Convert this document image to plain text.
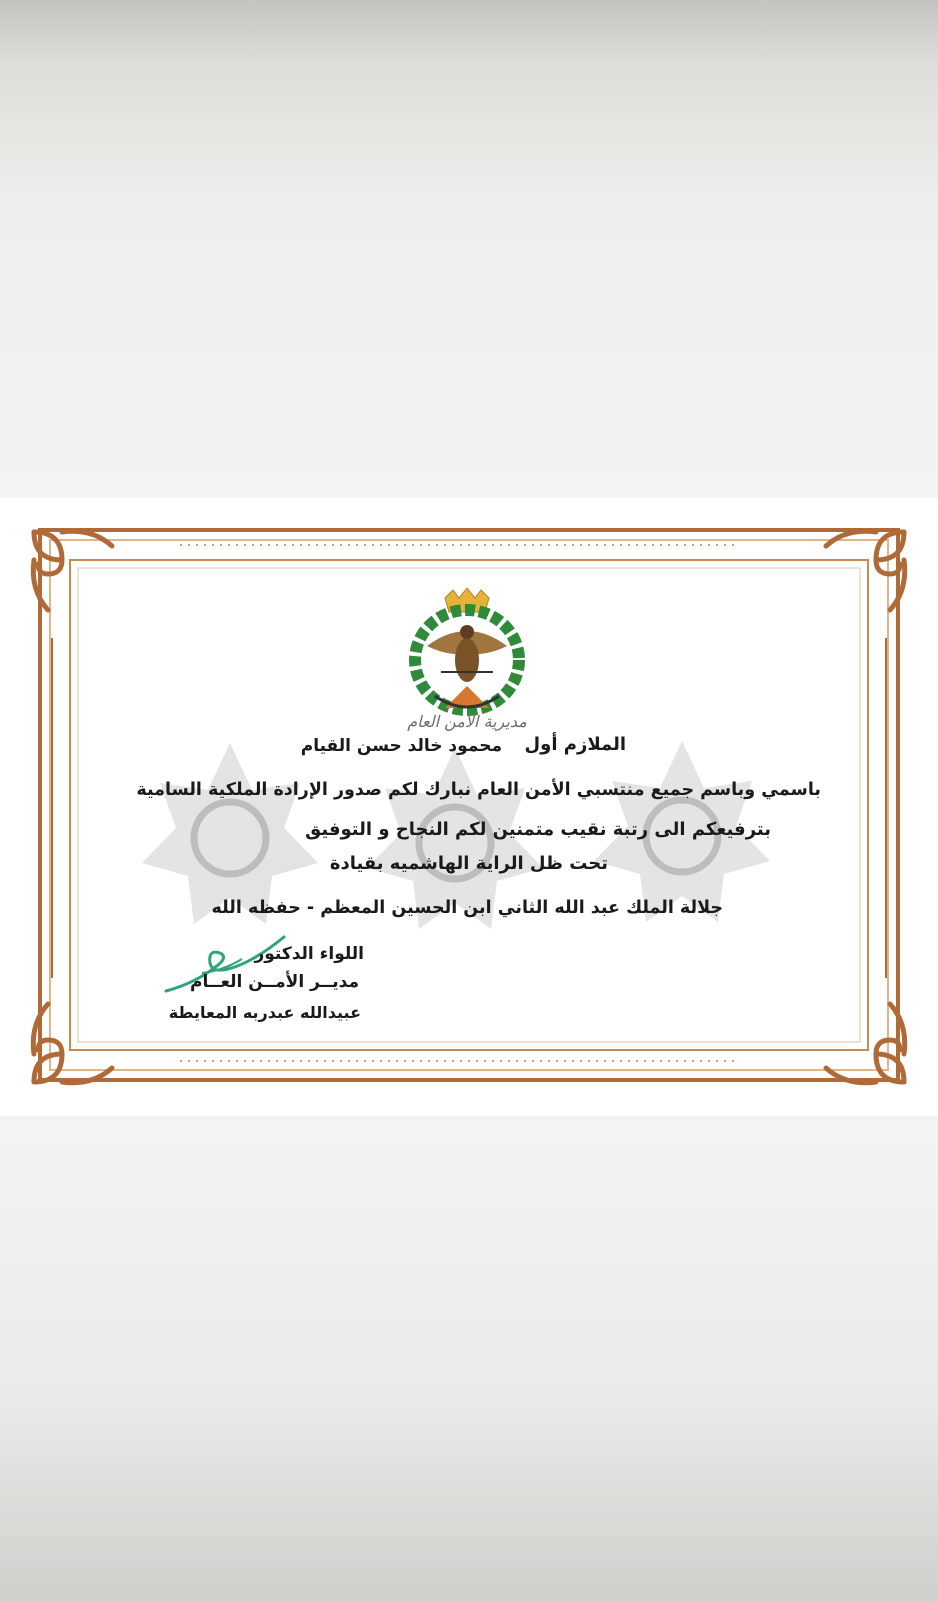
مديرية الأمن العام
الملازم أول
محمود خالد حسن القيام
باسمي وباسم جميع منتسبي الأمن العام نبارك لكم صدور الإرادة الملكية السامية
بترفيعكم الى رتبة نقيب متمنين لكم النجاح و التوفيق
تحت ظل الراية الهاشميه بقيادة
جلالة الملك عبد الله الثاني ابن الحسين المعظم - حفظه الله
اللواء الدكتور
مديــر الأمــن العــام
عبيدالله عبدربه المعايطة
